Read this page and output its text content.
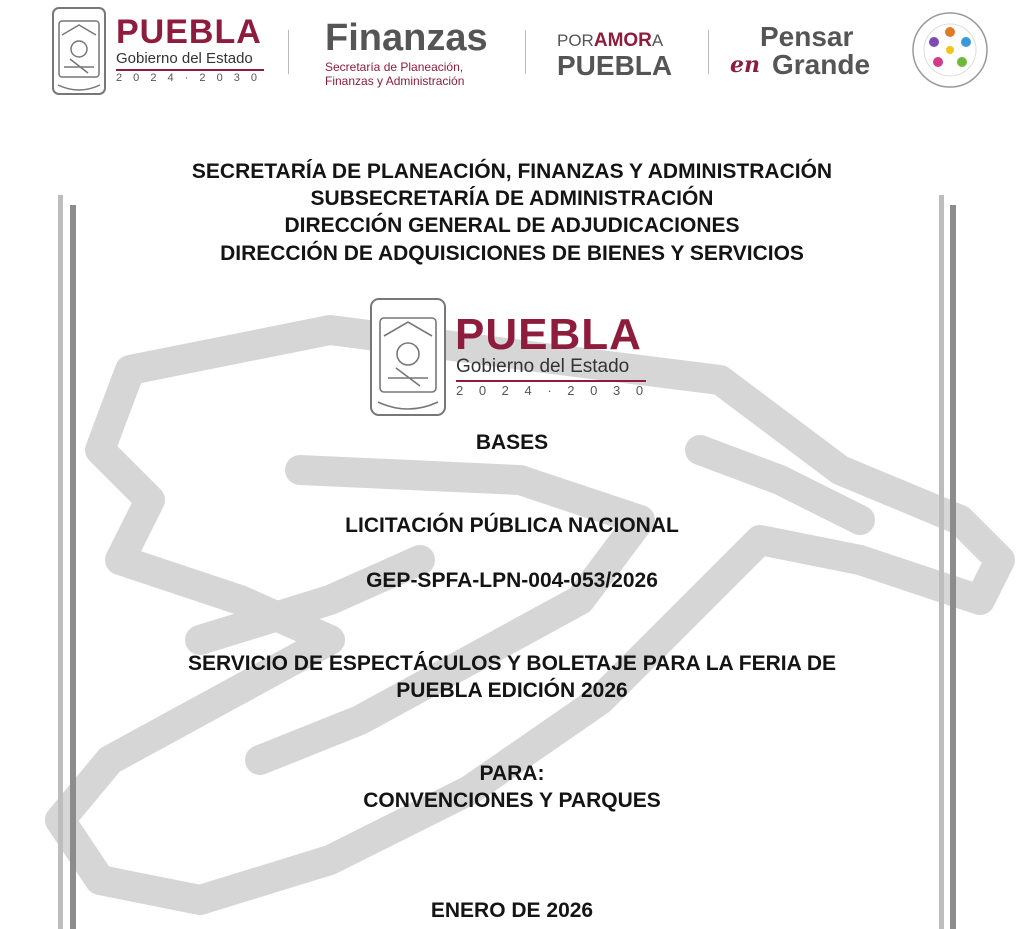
PUEBLA
Gobierno del Estado
2 0 2 4 · 2 0 3 0
Finanzas
Secretaría de Planeación,
Finanzas y Administración
PORAMORA
PUEBLA
Pensar
en Grande
SECRETARÍA DE PLANEACIÓN, FINANZAS Y ADMINISTRACIÓN
SUBSECRETARÍA DE ADMINISTRACIÓN
DIRECCIÓN GENERAL DE ADJUDICACIONES
DIRECCIÓN DE ADQUISICIONES DE BIENES Y SERVICIOS
PUEBLA
Gobierno del Estado
2 0 2 4 · 2 0 3 0
BASES
LICITACIÓN PÚBLICA NACIONAL
GEP-SPFA-LPN-004-053/2026
SERVICIO DE ESPECTÁCULOS Y BOLETAJE PARA LA FERIA DE
PUEBLA EDICIÓN 2026
PARA:
CONVENCIONES Y PARQUES
ENERO DE 2026
